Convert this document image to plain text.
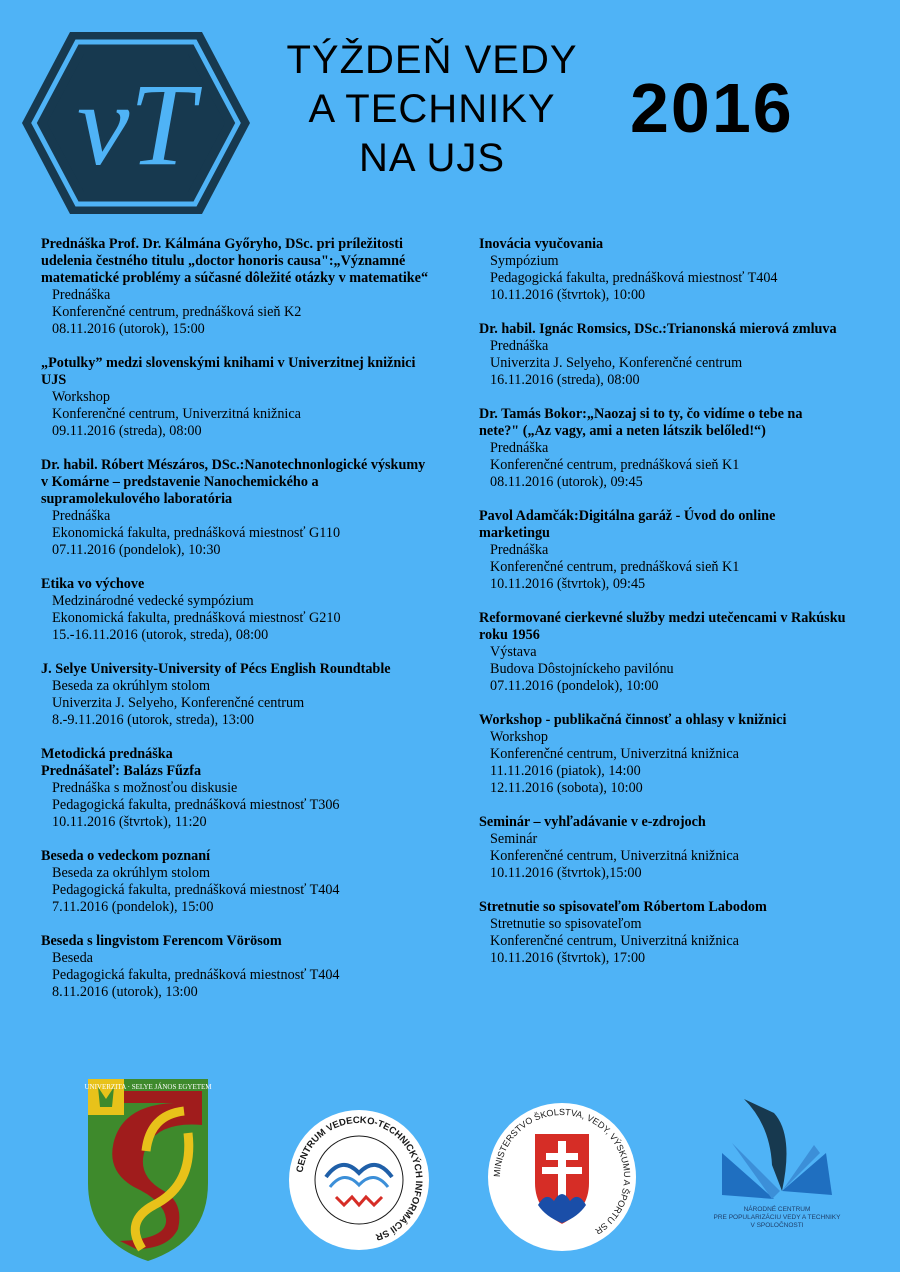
vT	TÝŽDEŇ VEDY
A TECHNIKY
NA UJS
2016
Prednáška Prof. Dr. Kálmána Győryho, DSc. pri príležitosti
udelenia čestného titulu „doctor honoris causa":„Významné
matematické problémy a súčasné dôležité otázky v matematike“
Prednáška
Konferenčné centrum, prednášková sieň K2
08.11.2016 (utorok), 15:00
„Potulky” medzi slovenskými knihami v Univerzitnej knižnici
UJS
Workshop
Konferenčné centrum, Univerzitná knižnica
09.11.2016 (streda), 08:00
Dr. habil. Róbert Mészáros, DSc.:Nanotechnonlogické výskumy
v Komárne – predstavenie Nanochemického a
supramolekulového laboratória
Prednáška
Ekonomická fakulta, prednášková miestnosť G110
07.11.2016 (pondelok), 10:30
Etika vo výchove
Medzinárodné vedecké sympózium
Ekonomická fakulta, prednášková miestnosť G210
15.-16.11.2016 (utorok, streda), 08:00
J. Selye University-University of Pécs English Roundtable
Beseda za okrúhlym stolom
Univerzita J. Selyeho, Konferenčné centrum
8.-9.11.2016 (utorok, streda), 13:00
Metodická prednáška
Prednášateľ: Balázs Fűzfa
Prednáška s možnosťou diskusie
Pedagogická fakulta, prednášková miestnosť T306
10.11.2016 (štvrtok), 11:20
Beseda o vedeckom poznaní
Beseda za okrúhlym stolom
Pedagogická fakulta, prednášková miestnosť T404
7.11.2016 (pondelok), 15:00
Beseda s lingvistom Ferencom Vörösom
Beseda
Pedagogická fakulta, prednášková miestnosť T404
8.11.2016 (utorok), 13:00
Inovácia vyučovania
Sympózium
Pedagogická fakulta, prednášková miestnosť T404
10.11.2016 (štvrtok), 10:00
Dr. habil. Ignác Romsics, DSc.:Trianonská mierová zmluva
Prednáška
Univerzita J. Selyeho, Konferenčné centrum
16.11.2016 (streda), 08:00
Dr. Tamás Bokor:„Naozaj si to ty, čo vidíme o tebe na
nete?" („Az vagy, ami a neten látszik belőled!“)
Prednáška
Konferenčné centrum, prednášková sieň K1
08.11.2016 (utorok), 09:45
Pavol Adamčák:Digitálna garáž - Úvod do online
marketingu
Prednáška
Konferenčné centrum, prednášková sieň K1
10.11.2016 (štvrtok), 09:45
Reformované cierkevné služby medzi utečencami v Rakúsku
roku 1956
Výstava
Budova Dôstojníckeho pavilónu
07.11.2016 (pondelok), 10:00
Workshop - publikačná činnosť a ohlasy v knižnici
Workshop
Konferenčné centrum, Univerzitná knižnica
11.11.2016 (piatok), 14:00
12.11.2016 (sobota), 10:00
Seminár – vyhľadávanie v e-zdrojoch
Seminár
Konferenčné centrum, Univerzitná knižnica
10.11.2016 (štvrtok),15:00
Stretnutie so spisovateľom Róbertom Labodom
Stretnutie so spisovateľom
Konferenčné centrum, Univerzitná knižnica
10.11.2016 (štvrtok), 17:00
UNIVERZITA · SELYE JÁNOS EGYETEM
CENTRUM VEDECKO-TECHNICKÝCH INFORMÁCIÍ SR
MINISTERSTVO ŠKOLSTVA, VEDY, VÝSKUMU A ŠPORTU SR
NÁRODNÉ CENTRUM
PRE POPULARIZÁCIU VEDY A TECHNIKY
V SPOLOČNOSTI
